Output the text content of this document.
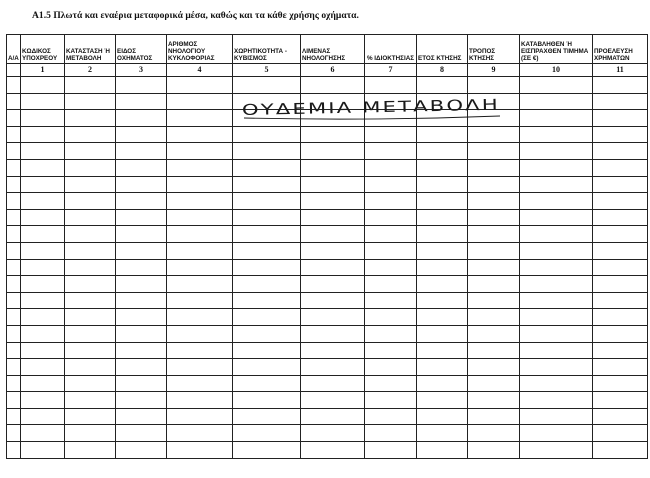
Α1.5 Πλωτά και εναέρια μεταφορικά μέσα, καθώς και τα κάθε χρήσης οχήματα.
Α/Α	ΚΩΔΙΚΟΣ ΥΠΟΧΡΕΟΥ	ΚΑΤΑΣΤΑΣΗ Ή ΜΕΤΑΒΟΛΗ	ΕΙΔΟΣ ΟΧΗΜΑΤΟΣ	ΑΡΙΘΜΟΣ ΝΗΟΛΟΓΙΟΥ ΚΥΚΛΟΦΟΡΙΑΣ	ΧΩΡΗΤΙΚΟΤΗΤΑ - ΚΥΒΙΣΜΟΣ	ΛΙΜΕΝΑΣ ΝΗΟΛΟΓΗΣΗΣ	% ΙΔΙΟΚΤΗΣΙΑΣ	ΕΤΟΣ ΚΤΗΣΗΣ	ΤΡΟΠΟΣ ΚΤΗΣΗΣ	ΚΑΤΑΒΛΗΘΕΝ Ή ΕΙΣΠΡΑΧΘΕΝ ΤΙΜΗΜΑ (ΣΕ €)	ΠΡΟΕΛΕΥΣΗ ΧΡΗΜΑΤΩΝ
	1	2	3	4	5	6	7	8	9	10	11

ΟΥΔΕΜΙΑ ΜΕΤΑΒΟΛΗ
